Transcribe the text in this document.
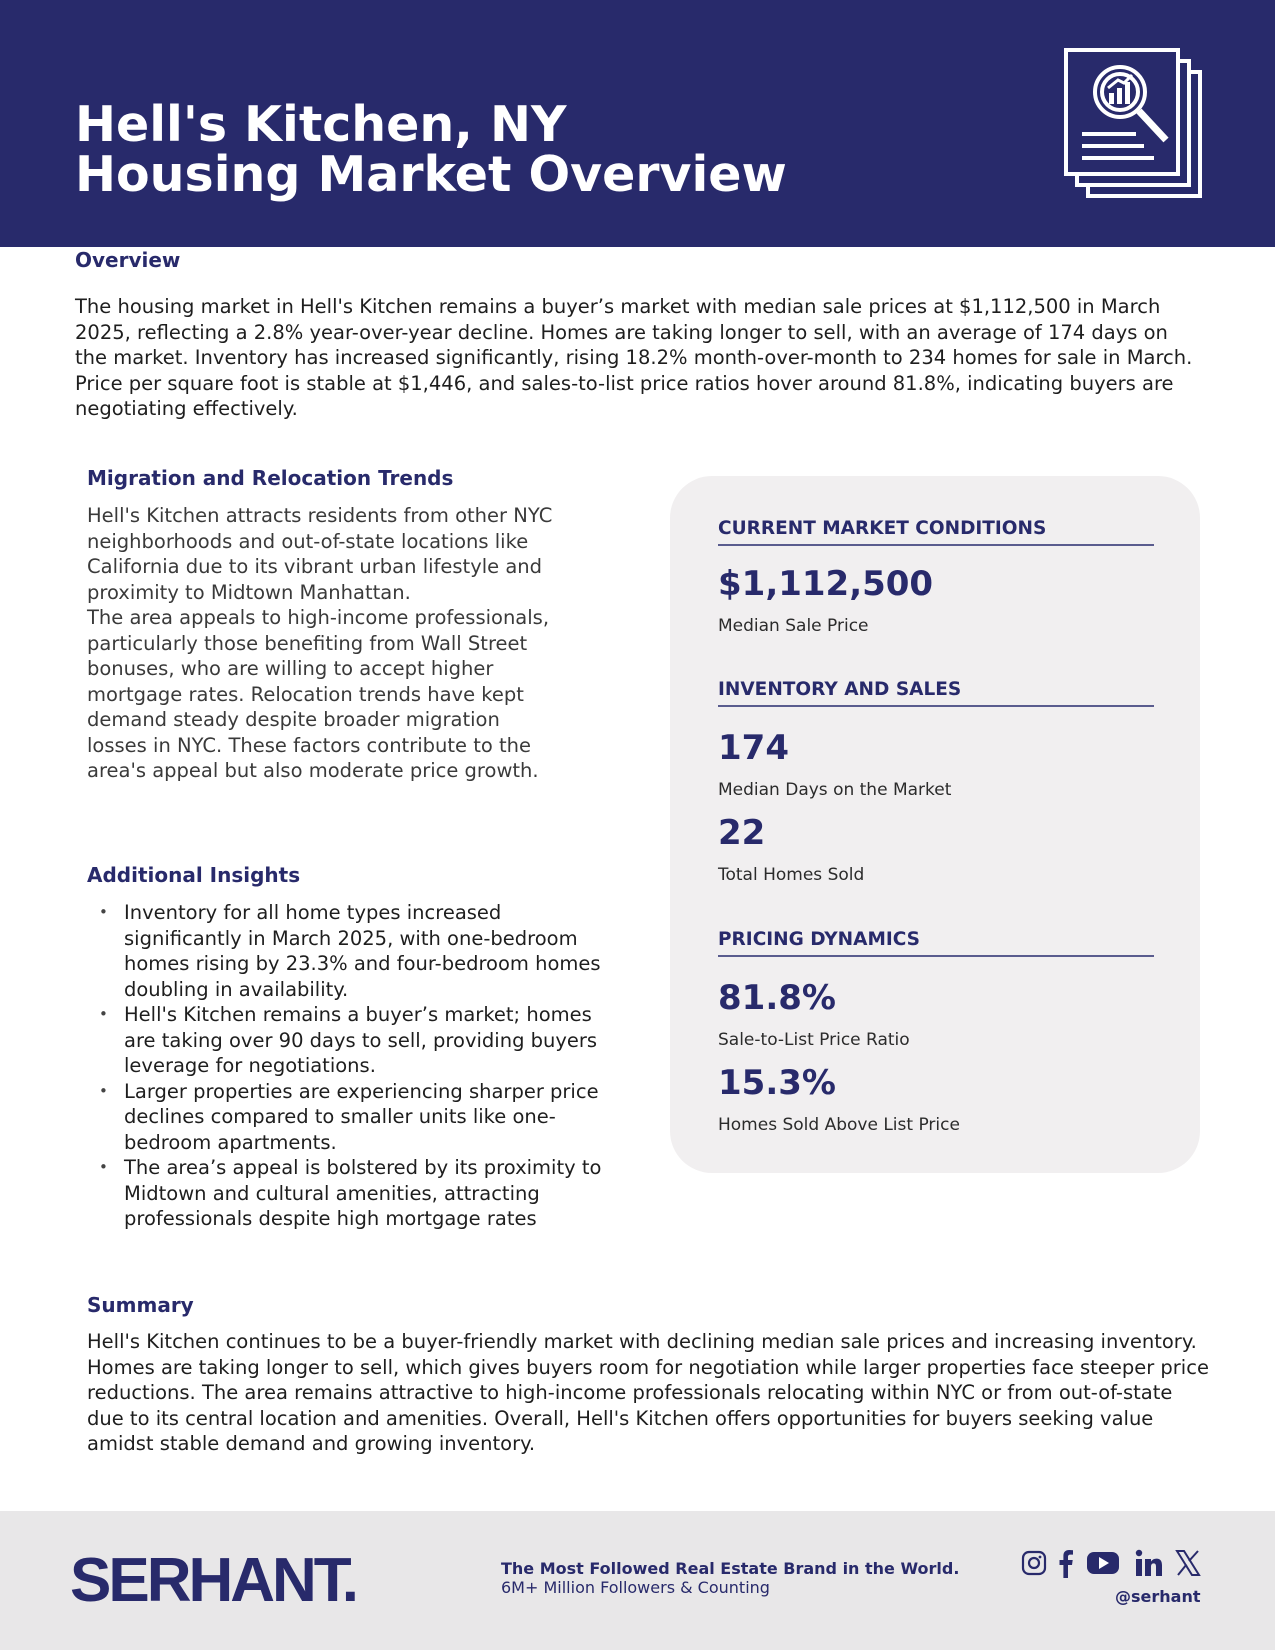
Hell's Kitchen, NY
Housing Market Overview
Overview

The housing market in Hell's Kitchen remains a buyer’s market with median sale prices at $1,112,500 in March 2025, reflecting a 2.8% year-over-year decline. Homes are taking longer to sell, with an average of 174 days on the market. Inventory has increased significantly, rising 18.2% month-over-month to 234 homes for sale in March. Price per square foot is stable at $1,446, and sales-to-list price ratios hover around 81.8%, indicating buyers are negotiating effectively.

Migration and Relocation Trends

Hell's Kitchen attracts residents from other NYC neighborhoods and out-of-state locations like California due to its vibrant urban lifestyle and proximity to Midtown Manhattan.

The area appeals to high-income professionals, particularly those benefiting from Wall Street bonuses, who are willing to accept higher mortgage rates. Relocation trends have kept demand steady despite broader migration losses in NYC. These factors contribute to the area's appeal but also moderate price growth.

Additional Insights
• Inventory for all home types increased significantly in March 2025, with one-bedroom homes rising by 23.3% and four-bedroom homes doubling in availability.
• Hell's Kitchen remains a buyer’s market; homes are taking over 90 days to sell, providing buyers leverage for negotiations.
• Larger properties are experiencing sharper price declines compared to smaller units like one-bedroom apartments.
• The area’s appeal is bolstered by its proximity to Midtown and cultural amenities, attracting professionals despite high mortgage rates
CURRENT MARKET CONDITIONS
$1,112,500
Median Sale Price
INVENTORY AND SALES
174
Median Days on the Market
22
Total Homes Sold
PRICING DYNAMICS
81.8%
Sale-to-List Price Ratio
15.3%
Homes Sold Above List Price
Summary

Hell's Kitchen continues to be a buyer-friendly market with declining median sale prices and increasing inventory. Homes are taking longer to sell, which gives buyers room for negotiation while larger properties face steeper price reductions. The area remains attractive to high-income professionals relocating within NYC or from out-of-state due to its central location and amenities. Overall, Hell's Kitchen offers opportunities for buyers seeking value amidst stable demand and growing inventory.

SERHANT.	The Most Followed Real Estate Brand in the World.
6M+ Million Followers & Counting	@serhant
